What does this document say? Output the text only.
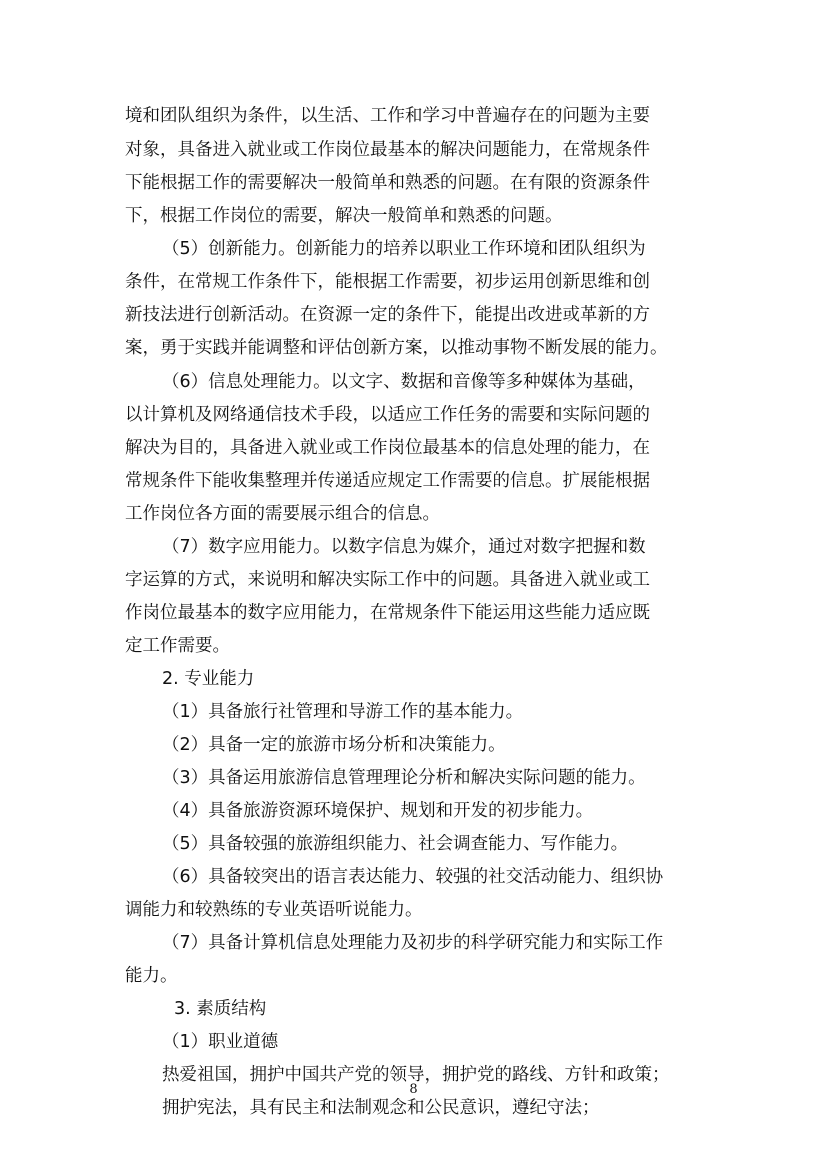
境和团队组织为条件，以生活、工作和学习中普遍存在的问题为主要
对象，具备进入就业或工作岗位最基本的解决问题能力，在常规条件
下能根据工作的需要解决一般简单和熟悉的问题。在有限的资源条件
下，根据工作岗位的需要，解决一般简单和熟悉的问题。
（5）创新能力。创新能力的培养以职业工作环境和团队组织为
条件，在常规工作条件下，能根据工作需要，初步运用创新思维和创
新技法进行创新活动。在资源一定的条件下，能提出改进或革新的方
案，勇于实践并能调整和评估创新方案，以推动事物不断发展的能力。
（6）信息处理能力。以文字、数据和音像等多种媒体为基础，
以计算机及网络通信技术手段，以适应工作任务的需要和实际问题的
解决为目的，具备进入就业或工作岗位最基本的信息处理的能力，在
常规条件下能收集整理并传递适应规定工作需要的信息。扩展能根据
工作岗位各方面的需要展示组合的信息。
（7）数字应用能力。以数字信息为媒介，通过对数字把握和数
字运算的方式，来说明和解决实际工作中的问题。具备进入就业或工
作岗位最基本的数字应用能力，在常规条件下能运用这些能力适应既
定工作需要。
2. 专业能力
（1）具备旅行社管理和导游工作的基本能力。
（2）具备一定的旅游市场分析和决策能力。
（3）具备运用旅游信息管理理论分析和解决实际问题的能力。
（4）具备旅游资源环境保护、规划和开发的初步能力。
（5）具备较强的旅游组织能力、社会调查能力、写作能力。
（6）具备较突出的语言表达能力、较强的社交活动能力、组织协
调能力和较熟练的专业英语听说能力。
（7）具备计算机信息处理能力及初步的科学研究能力和实际工作
能力。
3. 素质结构
（1）职业道德
热爱祖国，拥护中国共产党的领导，拥护党的路线、方针和政策；
拥护宪法，具有民主和法制观念和公民意识，遵纪守法；
8
